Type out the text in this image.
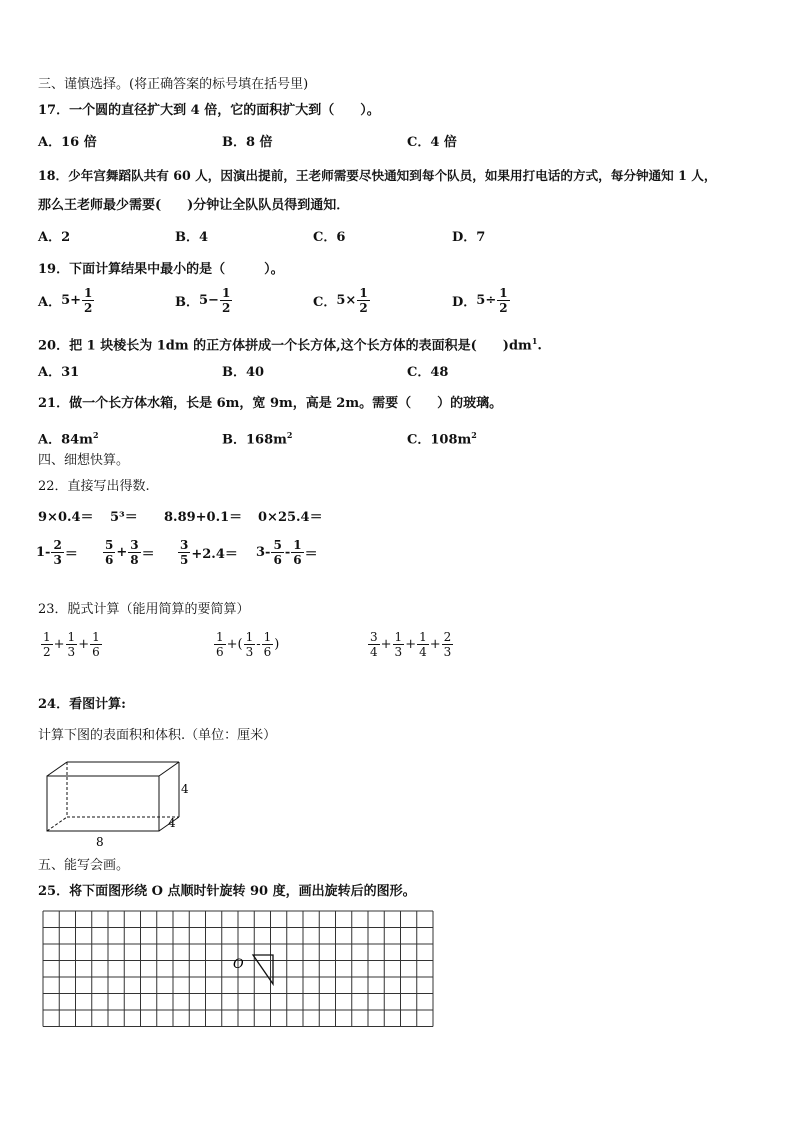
三、谨慎选择。(将正确答案的标号填在括号里)
17．一个圆的直径扩大到 4 倍，它的面积扩大到（　　）。
A．16 倍	B．8 倍	C．4 倍
18．少年宫舞蹈队共有 60 人，因演出提前，王老师需要尽快通知到每个队员，如果用打电话的方式，每分钟通知 1 人，
那么王老师最少需要(　　)分钟让全队队员得到通知．
A．2	B．4	C．6	D．7
19．下面计算结果中最小的是（　　　）。
A． $5 + \frac{1}{2}$	B． $5 - \frac{1}{2}$	C． $5 \times \frac{1}{2}$	D． $5 \div \frac{1}{2}$
20．把 1 块棱长为 1dm 的正方体拼成一个长方体,这个长方体的表面积是(　　)$dm^1$.
A．31	B．40	C．48
21．做一个长方体水箱，长是 6m，宽 9m，高是 2m。需要（　　）的玻璃。
A．$84m^2$	B．$168m^2$	C．$108m^2$
四、细想快算。
22．直接写出得数.
9×0.4＝ 5³＝ 8.89+0.1＝ 0×25.4＝
$1- \frac{2}{3} = \frac{5}{6} + \frac{3}{8} = \frac{3}{5} +2.4= 3- \frac{5}{6} - \frac{1}{6}$ ＝
23．脱式计算（能用简算的要简算）
$\frac{1}{2} + \frac{1}{3} + \frac{1}{6}$	$\frac{1}{6}$ +( $\frac{1}{3} - \frac{1}{6}$ )	$\frac{3}{4} + \frac{1}{3} + \frac{1}{4} + \frac{2}{3}$
24．看图计算:
计算下图的表面积和体积.（单位：厘米）
4
4
8
五、能写会画。
25．将下面图形绕 O 点顺时针旋转 90 度，画出旋转后的图形。
O
